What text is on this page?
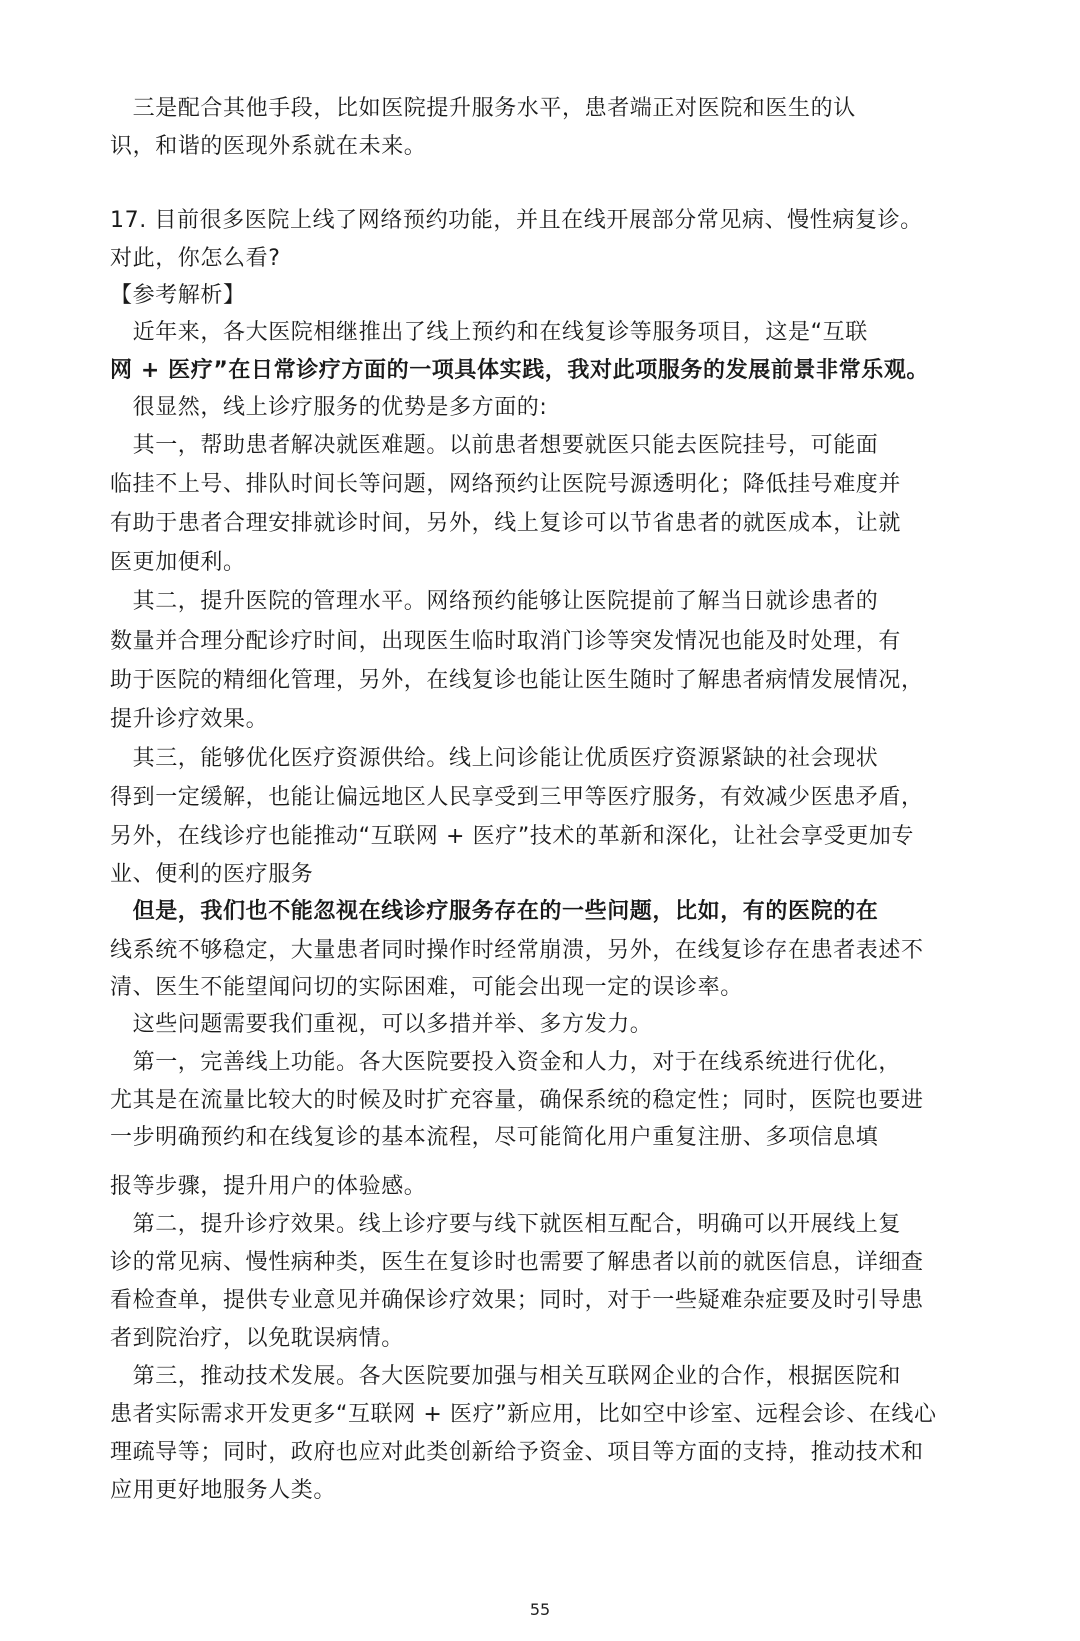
　三是配合其他手段，比如医院提升服务水平，患者端正对医院和医生的认

识，和谐的医现外系就在未来。

17. 目前很多医院上线了网络预约功能，并且在线开展部分常见病、慢性病复诊。

对此，你怎么看?

【参考解析】

　近年来，各大医院相继推出了线上预约和在线复诊等服务项目，这是“互联

网 + 医疗”在日常诊疗方面的一项具体实践，我对此项服务的发展前景非常乐观。

　很显然，线上诊疗服务的优势是多方面的:

　其一，帮助患者解决就医难题。以前患者想要就医只能去医院挂号，可能面

临挂不上号、排队时间长等问题，网络预约让医院号源透明化；降低挂号难度并

有助于患者合理安排就诊时间，另外，线上复诊可以节省患者的就医成本，让就

医更加便利。

　其二，提升医院的管理水平。网络预约能够让医院提前了解当日就诊患者的

数量并合理分配诊疗时间，出现医生临时取消门诊等突发情况也能及时处理，有

助于医院的精细化管理，另外，在线复诊也能让医生随时了解患者病情发展情况，

提升诊疗效果。

　其三，能够优化医疗资源供给。线上问诊能让优质医疗资源紧缺的社会现状

得到一定缓解，也能让偏远地区人民享受到三甲等医疗服务，有效减少医患矛盾，

另外，在线诊疗也能推动“互联网 + 医疗”技术的革新和深化，让社会享受更加专

业、便利的医疗服务

　但是，我们也不能忽视在线诊疗服务存在的一些问题，比如，有的医院的在

线系统不够稳定，大量患者同时操作时经常崩溃，另外，在线复诊存在患者表述不

清、医生不能望闻问切的实际困难，可能会出现一定的误诊率。

　这些问题需要我们重视，可以多措并举、多方发力。

　第一，完善线上功能。各大医院要投入资金和人力，对于在线系统进行优化，

尤其是在流量比较大的时候及时扩充容量，确保系统的稳定性；同时，医院也要进

一步明确预约和在线复诊的基本流程，尽可能简化用户重复注册、多项信息填

报等步骤，提升用户的体验感。

　第二，提升诊疗效果。线上诊疗要与线下就医相互配合，明确可以开展线上复

诊的常见病、慢性病种类，医生在复诊时也需要了解患者以前的就医信息，详细查

看检查单，提供专业意见并确保诊疗效果；同时，对于一些疑难杂症要及时引导患

者到院治疗，以免耽误病情。

　第三，推动技术发展。各大医院要加强与相关互联网企业的合作，根据医院和

患者实际需求开发更多“互联网 + 医疗”新应用，比如空中诊室、远程会诊、在线心

理疏导等；同时，政府也应对此类创新给予资金、项目等方面的支持，推动技术和

应用更好地服务人类。

55
